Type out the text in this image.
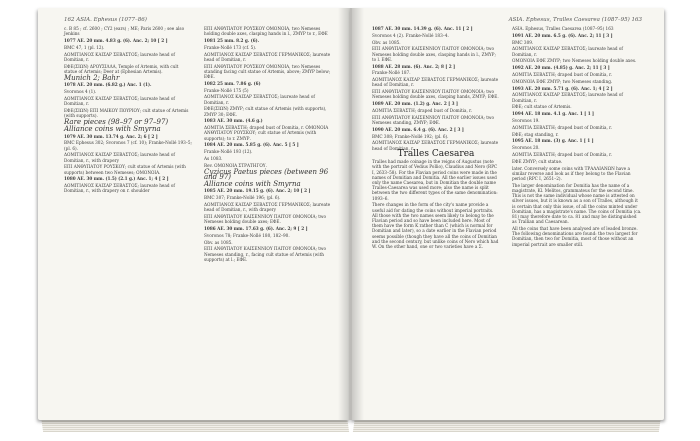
162 ASIA. Ephesus (1077–86)

c. B 85 ; cf. 2600 ; CY2 (ears) ; ME; Paris 2600 ; see also Jenkins

1077 AE. 20 mm. 4.83 g. (6). Anc. 2; 10 [ 2 ]

BMC 47, 1 (pl. 12).

ΔΟΜΙΤΙΑΝΟΣ ΚΑΙΣΑΡ ΣΕΒΑΣΤΟΣ; laureate head of Domitian, r.

ΕΦΕ(ΣΙΩΝ) ΔΡΟΥΣΙΛΛΑ, Temple of Artemis, with cult statue of Artemis; Deer at (Ephesian Artemis).

Munich 2; Bahr

1078 AE. 20 mm. (6.82 g.) Anc. 1 (1).

Svoronos 4 (1).

ΔΟΜΙΤΙΑΝΟΣ ΚΑΙΣΑΡ ΣΕΒΑΣΤΟΣ; laureate head of Domitian, r.

ΕΦΕ(ΣΙΩΝ) ΕΠΙ ΜΑΙΚΟΥ ΠΟΥΡΙΟΥ; cult statue of Artemis (with supports).

Rare pieces (98–97 or 97–97)

Alliance coins with Smyrna

1079 AE. 30 mm. 13.74 g. Anc. 2; 6 [ 2 ]

BMC Ephesus 302; Svoronos 7 (cf. 10); Franke-Nollé 193–5; (pl. 6).

ΔΟΜΙΤΙΑΝΟΣ ΚΑΙΣΑΡ ΣΕΒΑΣΤΟΣ; laureate head of Domitian, r., with drapery

ΕΠΙ ΑΝΘΥΠΑΤΟΥ ΡΟΥΣΚΟΥ; cult statue of Artemis (with supports) between two Nemeses; ΟΜΟΝΟΙΑ.

1080 AE. 30 mm. (1.5) (2.1 g.) Anc. 1; 4 [ 2 ]

ΔΟΜΙΤΙΑΝΟΣ ΚΑΙΣΑΡ ΣΕΒΑΣΤΟΣ; laureate head of Domitian, r., with drapery on r. shoulder

ΕΠΙ ΑΝΘΥΠΑΤΟΥ ΡΟΥΣΚΟΥ ΟΜΟΝΟΙΑ, two Nemeses holding double axes, clasping hands in l., ΖΜΥΡ to r., ΕΦΕ

1081 25 mm. 8.2 g. (6).

Franke-Nollé 173 (cf. 5).

ΔΟΜΙΤΙΑΝΟΣ ΚΑΙΣΑΡ ΣΕΒΑΣΤΟΣ ΓΕΡΜΑΝΙΚΟΣ; laureate head of Domitian, r.

ΕΠΙ ΑΝΘΥΠΑΤΟΥ ΡΟΥΣΚΟΥ ΟΜΟΝΟΙΑ, two Nemeses standing facing cult statue of Artemis, above; ΖΜΥΡ below; ΕΦΕ.

1082 25 mm. 7.86 g. (6)

Franke-Nollé 175 (5)

ΔΟΜΙΤΙΑΝΟΣ ΚΑΙΣΑΡ ΣΕΒΑΣΤΟΣ; laureate head of Domitian, r.

ΕΦΕ(ΣΙΩΝ) ΖΜΥΡ; cult statue of Artemis (with supports), ΖΜΥΡ 30; ΕΦΕ.

1083 AE. 30 mm. (4.6 g.)

ΔΟΜΙΤΙΑ ΣΕΒΑΣΤΗ; draped bust of Domitia, r. ΟΜΟΝΟΙΑ ΑΝΘΥΠΑΤΟΥ ΡΟΥΣΚΟΥ; cult statue of Artemis (with supports); to r. ΖΜΥΡ.

1084 AE. 20 mm. 5.85 g. (6). Anc. 5 [ 5 ]

Franke-Nollé 193 (12).

As 1083.

Rev. ΟΜΟΝΟΙΑ ΣΤΡΑΤΗΓΟΥ.

Cyzicus Paetus pieces (between 96 and 97)

Alliance coins with Smyrna

1085 AE. 20 mm. 19.15 g. (6). Anc. 2; 10 [ 2 ]

BMC 307; Franke-Nollé 196; (pl. 6).

ΔΟΜΙΤΙΑΝΟΣ ΚΑΙΣΑΡ ΣΕΒΑΣΤΟΣ ΓΕΡΜΑΝΙΚΟΣ; laureate head of Domitian, r., with drapery

ΕΠΙ ΑΝΘΥΠΑΤΟΥ ΚΑΙΣΕΝΝΙΟΥ ΠΑΙΤΟΥ ΟΜΟΝΟΙΑ; two Nemeses holding double axes; ΕΦΕ.

1086 AE. 30 mm. 17.63 g. (6). Anc. 2; 9 [ 2 ]

Svoronos 78; Franke-Nollé 180, 182–90.

Obv. as 1085.

ΕΠΙ ΑΝΘΥΠΑΤΟΥ ΚΑΙΣΕΝΝΙΟΥ ΠΑΙΤΟΥ ΟΜΟΝΟΙΑ; two Nemeses standing, r., facing cult statue of Artemis (with supports) at l.; ΕΦΕ.

ASIA. Ephesus, Tralles Caesarea (1087–95) 163

1087 AE. 30 mm. 14.39 g. (6). Anc. 11 [ 2 ]

Svoronos 4 (2). Franke-Nollé 183–4.

Obv. as 1085.

ΕΠΙ ΑΝΘΥΠΑΤΟΥ ΚΑΙΣΕΝΝΙΟΥ ΠΑΙΤΟΥ ΟΜΟΝΟΙΑ; two Nemeses holding double axes, clasping hands in l., ΖΜΥΡ; to l. ΕΦΕ.

1088 AE. 28 mm. (6). Anc. 2; 8 [ 2 ]

Franke-Nollé 187.

ΔΟΜΙΤΙΑΝΟΣ ΚΑΙΣΑΡ ΣΕΒΑΣΤΟΣ ΓΕΡΜΑΝΙΚΟΣ; laureate head of Domitian, r.

ΕΠΙ ΑΝΘΥΠΑΤΟΥ ΚΑΙΣΕΝΝΙΟΥ ΠΑΙΤΟΥ ΟΜΟΝΟΙΑ; two Nemeses holding double axes, clasping hands, ΖΜΥΡ; ΕΦΕ.

1089 AE. 20 mm. (1.2) g. Anc. 2 [ 3 ]

ΔΟΜΙΤΙΑ ΣΕΒΑΣΤΗ; draped bust of Domitia, r.

ΕΠΙ ΑΝΘΥΠΑΤΟΥ ΚΑΙΣΕΝΝΙΟΥ ΠΑΙΤΟΥ ΟΜΟΝΟΙΑ; two Nemeses standing, ΖΜΥΡ; ΕΦΕ.

1090 AE. 20 mm. 6.4 g. (6). Anc. 2 [ 3 ]

BMC 308; Franke-Nollé 192; (pl. 6).

ΔΟΜΙΤΙΑΝΟΣ ΚΑΙΣΑΡ ΣΕΒΑΣΤΟΣ ΓΕΡΜΑΝΙΚΟΣ; laureate head of Domitian, r.

Tralles Caesarea

Tralles had made coinage in the reigns of Augustus (note with the portrait of Vedius Pollio), Claudius and Nero (RPC I, 2633–58). For the Flavian period coins were made in the names of Domitian and Domitia. All the earlier issues used only the name Caesarea, but in Domitian the double name Tralles-Caesarea was used more; also the name is split between the two different types of the same denomination: 1093–6.

There changes in the form of the city's name provide a useful aid for dating the coins without imperial portraits. All those with the two names seem likely to belong to the Flavian period and so have been included here. Most of them have the form Κ rather than C (which is normal for Domitian and later), so a date earlier in the Flavian period seems possible (though they have all the coins of Domitian and the second century, but unlike coins of Nero which had W. On the other hand, one or two varieties have a Σ.

ASIA. Ephesus, Tralles Caesarea (1087–95) 163

1091 AE. 20 mm. 6.5 g. (6). Anc. 2; 11 [ 3 ]

BMC 309.

ΔΟΜΙΤΙΑΝΟΣ ΚΑΙΣΑΡ ΣΕΒΑΣΤΟΣ; laureate head of Domitian, r.

ΟΜΟΝΟΙΑ ΕΦΕ ΖΜΥΡ; two Nemeses holding double axes.

1092 AE. 20 mm. (4.85) g. Anc. 2; 11 [ 3 ]

ΔΟΜΙΤΙΑ ΣΕΒΑΣΤΗ; draped bust of Domitia, r.

ΟΜΟΝΟΙΑ ΕΦΕ ΖΜΥΡ; two Nemeses standing.

1093 AE. 20 mm. 5.71 g. (6). Anc. 1; 4 [ 2 ]

ΔΟΜΙΤΙΑΝΟΣ ΚΑΙΣΑΡ ΣΕΒΑΣΤΟΣ; laureate head of Domitian, r.

ΕΦΕ; cult statue of Artemis.

1094 AE. 18 mm. 4.1 g. Anc. 1 [ 1 ]

Svoronos 19.

ΔΟΜΙΤΙΑ ΣΕΒΑΣΤΗ; draped bust of Domitia, r.

ΕΦΕ; stag standing, r.

1095 AE. 18 mm. (3) g. Anc. 1 [ 1 ]

Svoronos 20.

ΔΟΜΙΤΙΑ ΣΕΒΑΣΤΗ; draped bust of Domitia, r.

ΕΦΕ ΖΜΥΡ; cult statue.

later. Conversely some coins with ΤΡΑΛΛΙΑΝΩΝ have a similar reverse and look as if they belong to the Flavian period (RPC I, 2651–2).

The larger denomination for Domitia has the name of a magistrate, Kl. Melitos, grammateus for the second time. This is not the same individual whose name is attested on silver issues, but it is known as a son of Tralles, although it is certain that only this issue, of all the coins minted under Domitian, has a magistrate's name. The coins of Domitia (ca. 81) may therefore date to ca. 81 and may be distinguished as Trallian and Caesarean.

All the coins that have been analysed are of leaded bronze. The following denominations are found: the two largest for Domitian, then two for Domitia, most of those without an imperial portrait are smaller still.
